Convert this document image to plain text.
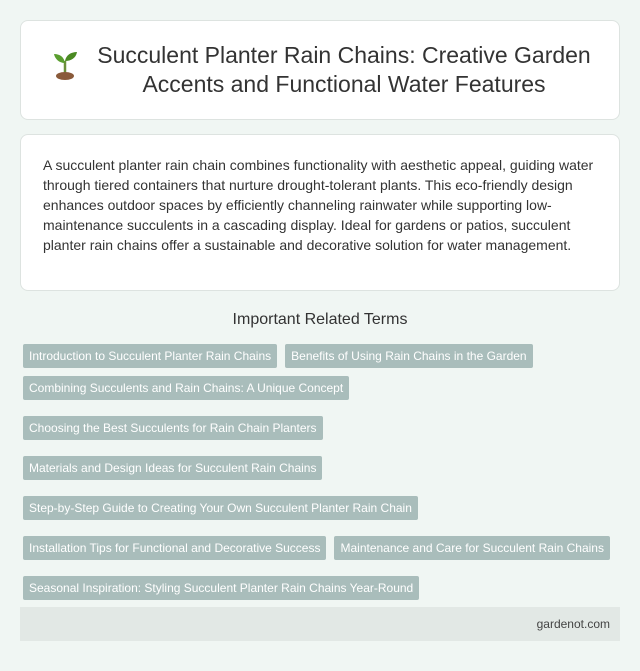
Succulent Planter Rain Chains: Creative Garden Accents and Functional Water Features

A succulent planter rain chain combines functionality with aesthetic appeal, guiding water through tiered containers that nurture drought-tolerant plants. This eco-friendly design enhances outdoor spaces by efficiently channeling rainwater while supporting low-maintenance succulents in a cascading display. Ideal for gardens or patios, succulent planter rain chains offer a sustainable and decorative solution for water management.

Important Related Terms
Introduction to Succulent Planter Rain Chains	Benefits of Using Rain Chains in the Garden
Combining Succulents and Rain Chains: A Unique Concept
Choosing the Best Succulents for Rain Chain Planters
Materials and Design Ideas for Succulent Rain Chains
Step-by-Step Guide to Creating Your Own Succulent Planter Rain Chain
Installation Tips for Functional and Decorative Success	Maintenance and Care for Succulent Rain Chains
Seasonal Inspiration: Styling Succulent Planter Rain Chains Year-Round
gardenot.com
